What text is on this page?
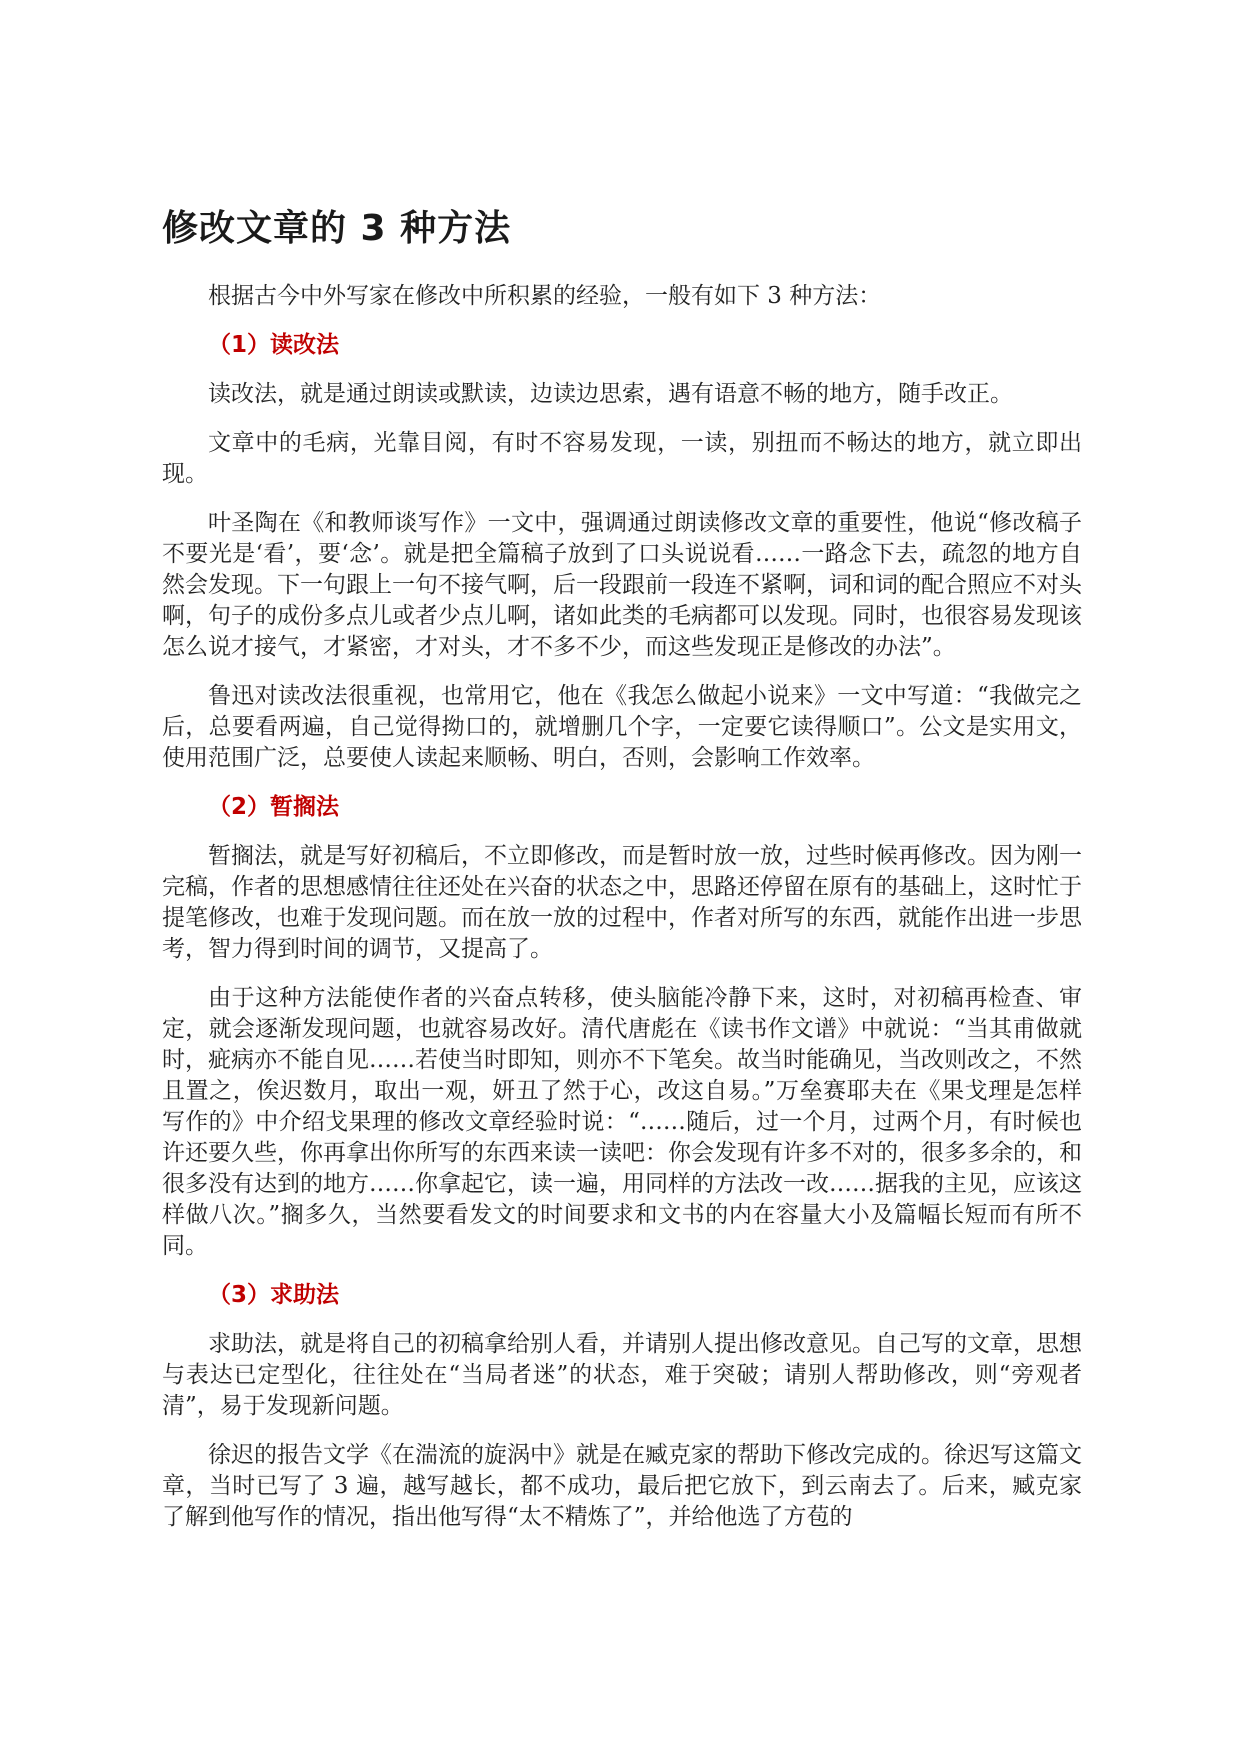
修改文章的 3 种方法

根据古今中外写家在修改中所积累的经验，一般有如下 3 种方法：

（1）读改法

读改法，就是通过朗读或默读，边读边思索，遇有语意不畅的地方，随手改正。

文章中的毛病，光靠目阅，有时不容易发现，一读，别扭而不畅达的地方，就立即出现。

叶圣陶在《和教师谈写作》一文中，强调通过朗读修改文章的重要性，他说“修改稿子不要光是‘看’，要‘念’。就是把全篇稿子放到了口头说说看……一路念下去，疏忽的地方自然会发现。下一句跟上一句不接气啊，后一段跟前一段连不紧啊，词和词的配合照应不对头啊，句子的成份多点儿或者少点儿啊，诸如此类的毛病都可以发现。同时，也很容易发现该怎么说才接气，才紧密，才对头，才不多不少，而这些发现正是修改的办法”。

鲁迅对读改法很重视，也常用它，他在《我怎么做起小说来》一文中写道：“我做完之后，总要看两遍，自己觉得拗口的，就增删几个字，一定要它读得顺口”。公文是实用文，使用范围广泛，总要使人读起来顺畅、明白，否则，会影响工作效率。

（2）暂搁法

暂搁法，就是写好初稿后，不立即修改，而是暂时放一放，过些时候再修改。因为刚一完稿，作者的思想感情往往还处在兴奋的状态之中，思路还停留在原有的基础上，这时忙于提笔修改，也难于发现问题。而在放一放的过程中，作者对所写的东西，就能作出进一步思考，智力得到时间的调节，又提高了。

由于这种方法能使作者的兴奋点转移，使头脑能冷静下来，这时，对初稿再检查、审定，就会逐渐发现问题，也就容易改好。清代唐彪在《读书作文谱》中就说：“当其甫做就时，疵病亦不能自见……若使当时即知，则亦不下笔矣。故当时能确见，当改则改之，不然且置之，俟迟数月，取出一观，妍丑了然于心，改这自易。”万垒赛耶夫在《果戈理是怎样写作的》中介绍戈果理的修改文章经验时说：“……随后，过一个月，过两个月，有时候也许还要久些，你再拿出你所写的东西来读一读吧：你会发现有许多不对的，很多多余的，和很多没有达到的地方……你拿起它，读一遍，用同样的方法改一改……据我的主见，应该这样做八次。”搁多久，当然要看发文的时间要求和文书的内在容量大小及篇幅长短而有所不同。

（3）求助法

求助法，就是将自己的初稿拿给别人看，并请别人提出修改意见。自己写的文章，思想与表达已定型化，往往处在“当局者迷”的状态，难于突破；请别人帮助修改，则“旁观者清”，易于发现新问题。

徐迟的报告文学《在湍流的旋涡中》就是在臧克家的帮助下修改完成的。徐迟写这篇文章，当时已写了 3 遍，越写越长，都不成功，最后把它放下，到云南去了。后来，臧克家了解到他写作的情况，指出他写得“太不精炼了”，并给他选了方苞的
